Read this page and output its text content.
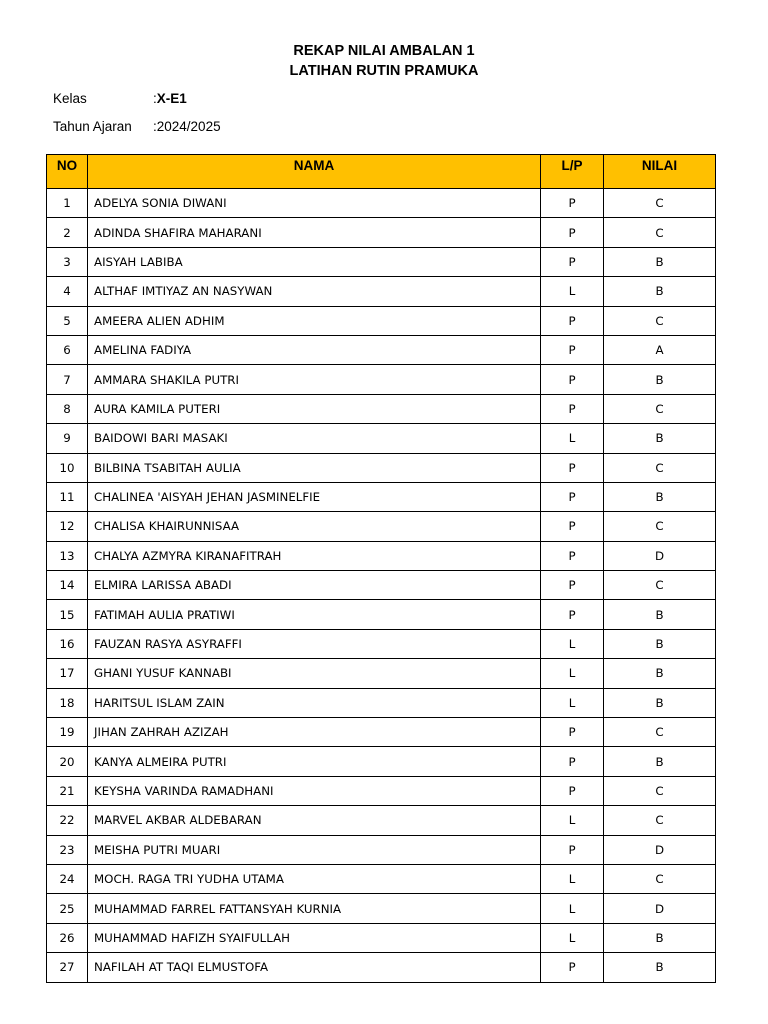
REKAP NILAI AMBALAN 1
LATIHAN RUTIN PRAMUKA
Kelas	:X-E1
Tahun Ajaran :2024/2025
NO	NAMA	L/P	NILAI
1	ADELYA SONIA DIWANI	P	C
2	ADINDA SHAFIRA MAHARANI	P	C
3	AISYAH LABIBA	P	B
4	ALTHAF IMTIYAZ AN NASYWAN	L	B
5	AMEERA ALIEN ADHIM	P	C
6	AMELINA FADIYA	P	A
7	AMMARA SHAKILA PUTRI	P	B
8	AURA KAMILA PUTERI	P	C
9	BAIDOWI BARI MASAKI	L	B
10	BILBINA TSABITAH AULIA	P	C
11	CHALINEA 'AISYAH JEHAN JASMINELFIE	P	B
12	CHALISA KHAIRUNNISAA	P	C
13	CHALYA AZMYRA KIRANAFITRAH	P	D
14	ELMIRA LARISSA ABADI	P	C
15	FATIMAH AULIA PRATIWI	P	B
16	FAUZAN RASYA ASYRAFFI	L	B
17	GHANI YUSUF KANNABI	L	B
18	HARITSUL ISLAM ZAIN	L	B
19	JIHAN ZAHRAH AZIZAH	P	C
20	KANYA ALMEIRA PUTRI	P	B
21	KEYSHA VARINDA RAMADHANI	P	C
22	MARVEL AKBAR ALDEBARAN	L	C
23	MEISHA PUTRI MUARI	P	D
24	MOCH. RAGA TRI YUDHA UTAMA	L	C
25	MUHAMMAD FARREL FATTANSYAH KURNIA	L	D
26	MUHAMMAD HAFIZH SYAIFULLAH	L	B
27	NAFILAH AT TAQI ELMUSTOFA	P	B
